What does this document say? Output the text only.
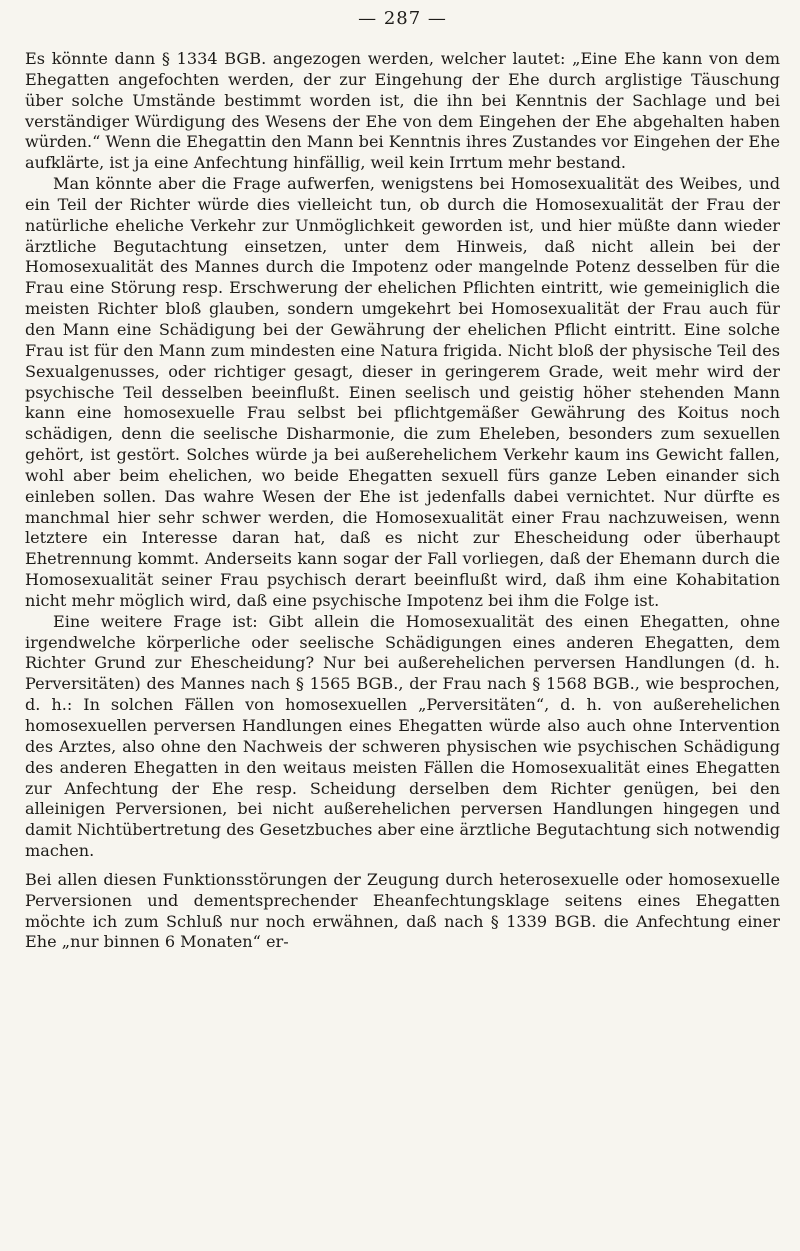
— 287 —

Es könnte dann § 1334 BGB. angezogen werden, welcher lautet: „Eine Ehe kann von dem Ehegatten angefochten werden, der zur Eingehung der Ehe durch arglistige Täuschung über solche Umstände bestimmt worden ist, die ihn bei Kenntnis der Sachlage und bei verständiger Würdigung des Wesens der Ehe von dem Eingehen der Ehe abgehalten haben würden.“ Wenn die Ehegattin den Mann bei Kenntnis ihres Zustandes vor Eingehen der Ehe aufklärte, ist ja eine Anfechtung hinfällig, weil kein Irrtum mehr bestand.

Man könnte aber die Frage aufwerfen, wenigstens bei Homosexualität des Weibes, und ein Teil der Richter würde dies vielleicht tun, ob durch die Homosexualität der Frau der natürliche eheliche Verkehr zur Unmöglichkeit geworden ist, und hier müßte dann wieder ärztliche Begutachtung einsetzen, unter dem Hinweis, daß nicht allein bei der Homosexualität des Mannes durch die Impotenz oder mangelnde Potenz desselben für die Frau eine Störung resp. Erschwerung der ehelichen Pflichten eintritt, wie gemeiniglich die meisten Richter bloß glauben, sondern umgekehrt bei Homosexualität der Frau auch für den Mann eine Schädigung bei der Gewährung der ehelichen Pflicht eintritt. Eine solche Frau ist für den Mann zum mindesten eine Natura frigida. Nicht bloß der physische Teil des Sexualgenusses, oder richtiger gesagt, dieser in geringerem Grade, weit mehr wird der psychische Teil desselben beeinflußt. Einen seelisch und geistig höher stehenden Mann kann eine homosexuelle Frau selbst bei pflichtgemäßer Gewährung des Koitus noch schädigen, denn die seelische Disharmonie, die zum Eheleben, besonders zum sexuellen gehört, ist gestört. Solches würde ja bei außerehelichem Verkehr kaum ins Gewicht fallen, wohl aber beim ehelichen, wo beide Ehegatten sexuell fürs ganze Leben einander sich einleben sollen. Das wahre Wesen der Ehe ist jedenfalls dabei vernichtet. Nur dürfte es manchmal hier sehr schwer werden, die Homosexualität einer Frau nachzuweisen, wenn letztere ein Interesse daran hat, daß es nicht zur Ehescheidung oder überhaupt Ehetrennung kommt. Anderseits kann sogar der Fall vorliegen, daß der Ehemann durch die Homosexualität seiner Frau psychisch derart beeinflußt wird, daß ihm eine Kohabitation nicht mehr möglich wird, daß eine psychische Impotenz bei ihm die Folge ist.

Eine weitere Frage ist: Gibt allein die Homosexualität des einen Ehegatten, ohne irgendwelche körperliche oder seelische Schädigungen eines anderen Ehegatten, dem Richter Grund zur Ehescheidung? Nur bei außerehelichen perversen Handlungen (d. h. Perversitäten) des Mannes nach § 1565 BGB., der Frau nach § 1568 BGB., wie besprochen, d. h.: In solchen Fällen von homosexuellen „Perversitäten“, d. h. von außerehelichen homosexuellen perversen Handlungen eines Ehegatten würde also auch ohne Intervention des Arztes, also ohne den Nachweis der schweren physischen wie psychischen Schädigung des anderen Ehegatten in den weitaus meisten Fällen die Homosexualität eines Ehegatten zur Anfechtung der Ehe resp. Scheidung derselben dem Richter genügen, bei den alleinigen Perversionen, bei nicht außerehelichen perversen Handlungen hingegen und damit Nichtübertretung des Gesetzbuches aber eine ärztliche Begutachtung sich notwendig machen.

Bei allen diesen Funktionsstörungen der Zeugung durch heterosexuelle oder homosexuelle Perversionen und dementsprechender Eheanfechtungsklage seitens eines Ehegatten möchte ich zum Schluß nur noch erwähnen, daß nach § 1339 BGB. die Anfechtung einer Ehe „nur binnen 6 Monaten“ er-
